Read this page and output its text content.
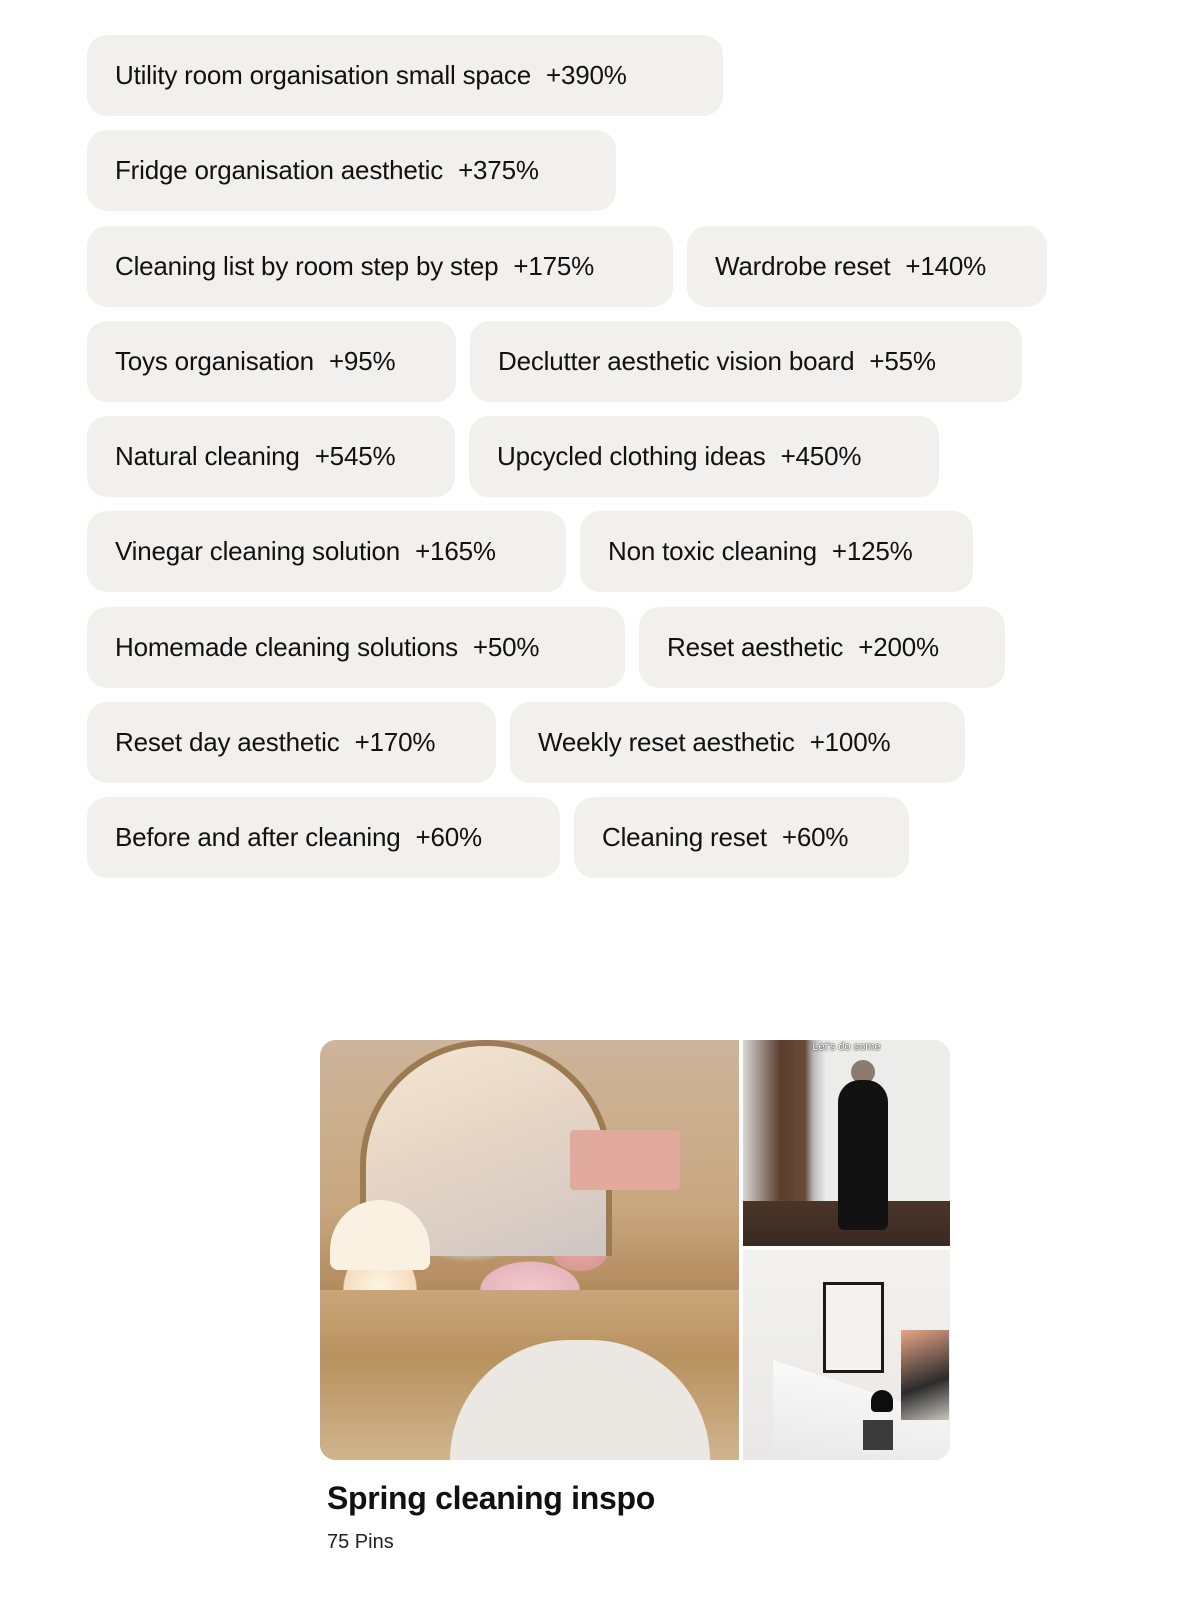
Utility room organisation small space +390%
Fridge organisation aesthetic +375%
Cleaning list by room step by step +175%	Wardrobe reset +140%
Toys organisation +95%	Declutter aesthetic vision board +55%
Natural cleaning +545%	Upcycled clothing ideas +450%
Vinegar cleaning solution +165%	Non toxic cleaning +125%
Homemade cleaning solutions +50%	Reset aesthetic +200%
Reset day aesthetic +170%	Weekly reset aesthetic +100%
Before and after cleaning +60%	Cleaning reset +60%
Let's do some
Spring cleaning inspo
75 Pins
